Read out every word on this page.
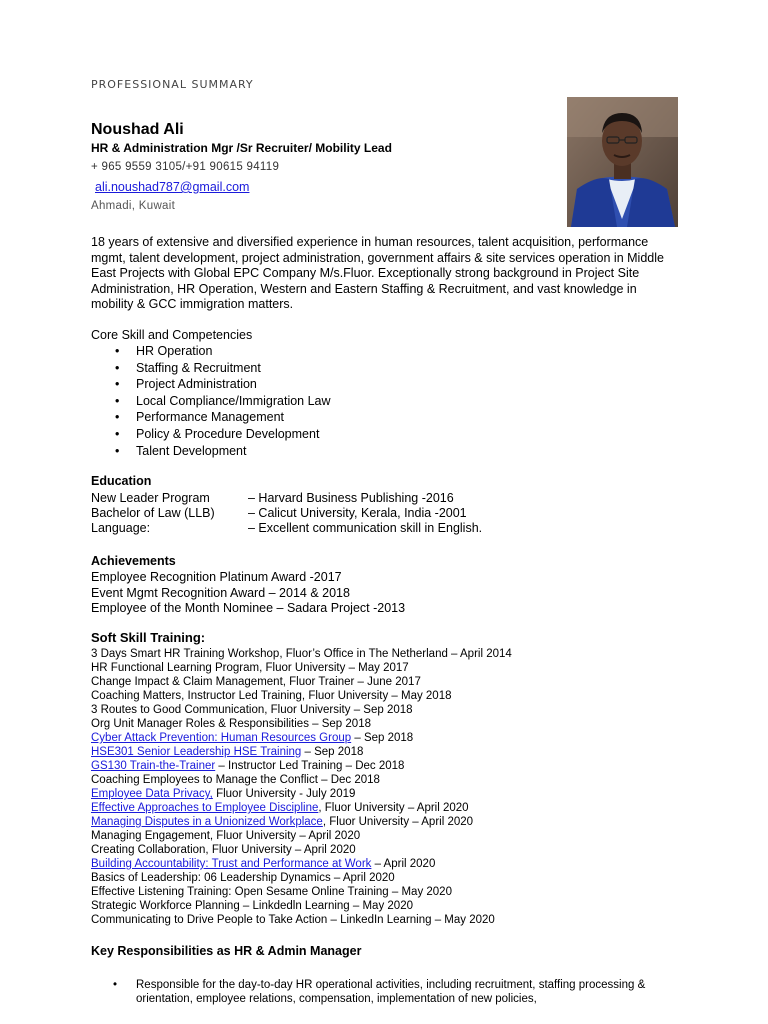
PROFESSIONAL SUMMARY
Noushad Ali
HR & Administration Mgr /Sr Recruiter/ Mobility Lead
+ 965 9559 3105/+91 90615 94119
ali.noushad787@gmail.com
Ahmadi, Kuwait
18 years of extensive and diversified experience in human resources, talent acquisition, performance mgmt, talent development, project administration, government affairs & site services operation in Middle East Projects with Global EPC Company M/s.Fluor. Exceptionally strong background in Project Site Administration, HR Operation, Western and Eastern Staffing & Recruitment, and vast knowledge in mobility & GCC immigration matters.
Core Skill and Competencies
• HR Operation
• Staffing & Recruitment
• Project Administration
• Local Compliance/Immigration Law
• Performance Management
• Policy & Procedure Development
• Talent Development
Education
New Leader Program	– Harvard Business Publishing -2016
Bachelor of Law (LLB)	– Calicut University, Kerala, India -2001
Language:	– Excellent communication skill in English.
Achievements
Employee Recognition Platinum Award -2017
Event Mgmt Recognition Award – 2014 & 2018
Employee of the Month Nominee – Sadara Project -2013
Soft Skill Training:
3 Days Smart HR Training Workshop, Fluor’s Office in The Netherland – April 2014
HR Functional Learning Program, Fluor University – May 2017
Change Impact & Claim Management, Fluor Trainer – June 2017
Coaching Matters, Instructor Led Training, Fluor University – May 2018
3 Routes to Good Communication, Fluor University – Sep 2018
Org Unit Manager Roles & Responsibilities – Sep 2018
Cyber Attack Prevention: Human Resources Group – Sep 2018
HSE301 Senior Leadership HSE Training – Sep 2018
GS130 Train-the-Trainer – Instructor Led Training – Dec 2018
Coaching Employees to Manage the Conflict – Dec 2018
Employee Data Privacy, Fluor University - July 2019
Effective Approaches to Employee Discipline, Fluor University – April 2020
Managing Disputes in a Unionized Workplace, Fluor University – April 2020
Managing Engagement, Fluor University – April 2020
Creating Collaboration, Fluor University – April 2020
Building Accountability: Trust and Performance at Work – April 2020
Basics of Leadership: 06 Leadership Dynamics – April 2020
Effective Listening Training: Open Sesame Online Training – May 2020
Strategic Workforce Planning – Linkdedln Learning – May 2020
Communicating to Drive People to Take Action – LinkedIn Learning – May 2020
Key Responsibilities as HR & Admin Manager
•	Responsible for the day-to-day HR operational activities, including recruitment, staffing processing & orientation, employee relations, compensation, implementation of new policies,
